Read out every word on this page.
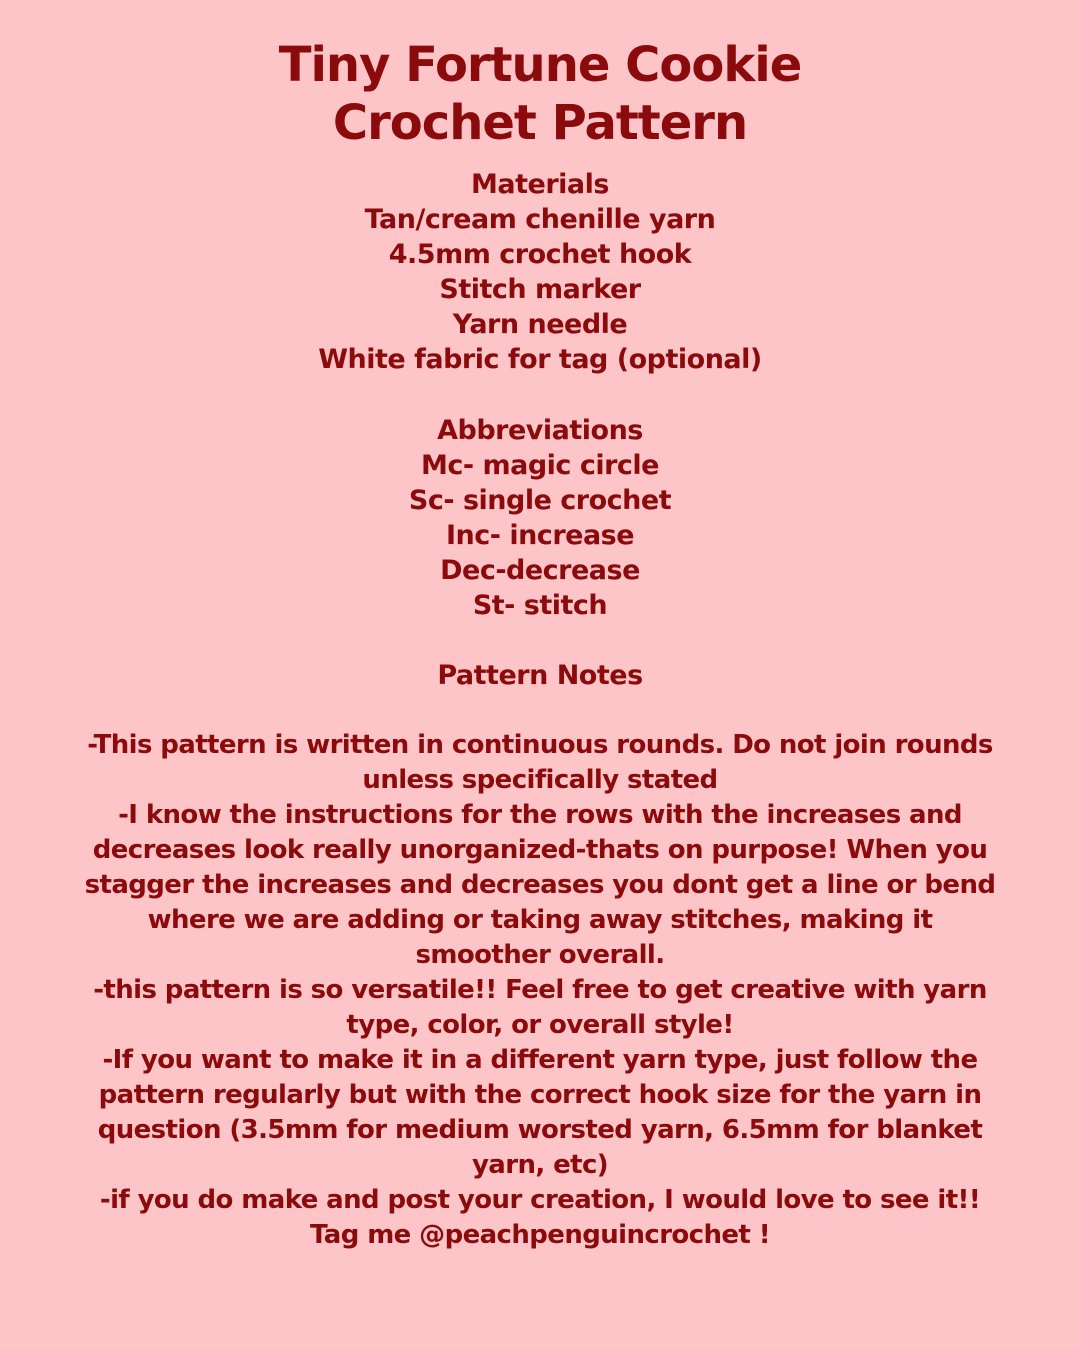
Tiny Fortune Cookie
Crochet Pattern
Materials
Tan/cream chenille yarn
4.5mm crochet hook
Stitch marker
Yarn needle
White fabric for tag (optional)
Abbreviations
Mc- magic circle
Sc- single crochet
Inc- increase
Dec-decrease
St- stitch
Pattern Notes
-This pattern is written in continuous rounds. Do not join rounds unless specifically stated
-I know the instructions for the rows with the increases and decreases look really unorganized-thats on purpose! When you stagger the increases and decreases you dont get a line or bend where we are adding or taking away stitches, making it smoother overall.
-this pattern is so versatile!! Feel free to get creative with yarn type, color, or overall style!
-If you want to make it in a different yarn type, just follow the pattern regularly but with the correct hook size for the yarn in question (3.5mm for medium worsted yarn, 6.5mm for blanket yarn, etc)
-if you do make and post your creation, I would love to see it!! Tag me @peachpenguincrochet !
